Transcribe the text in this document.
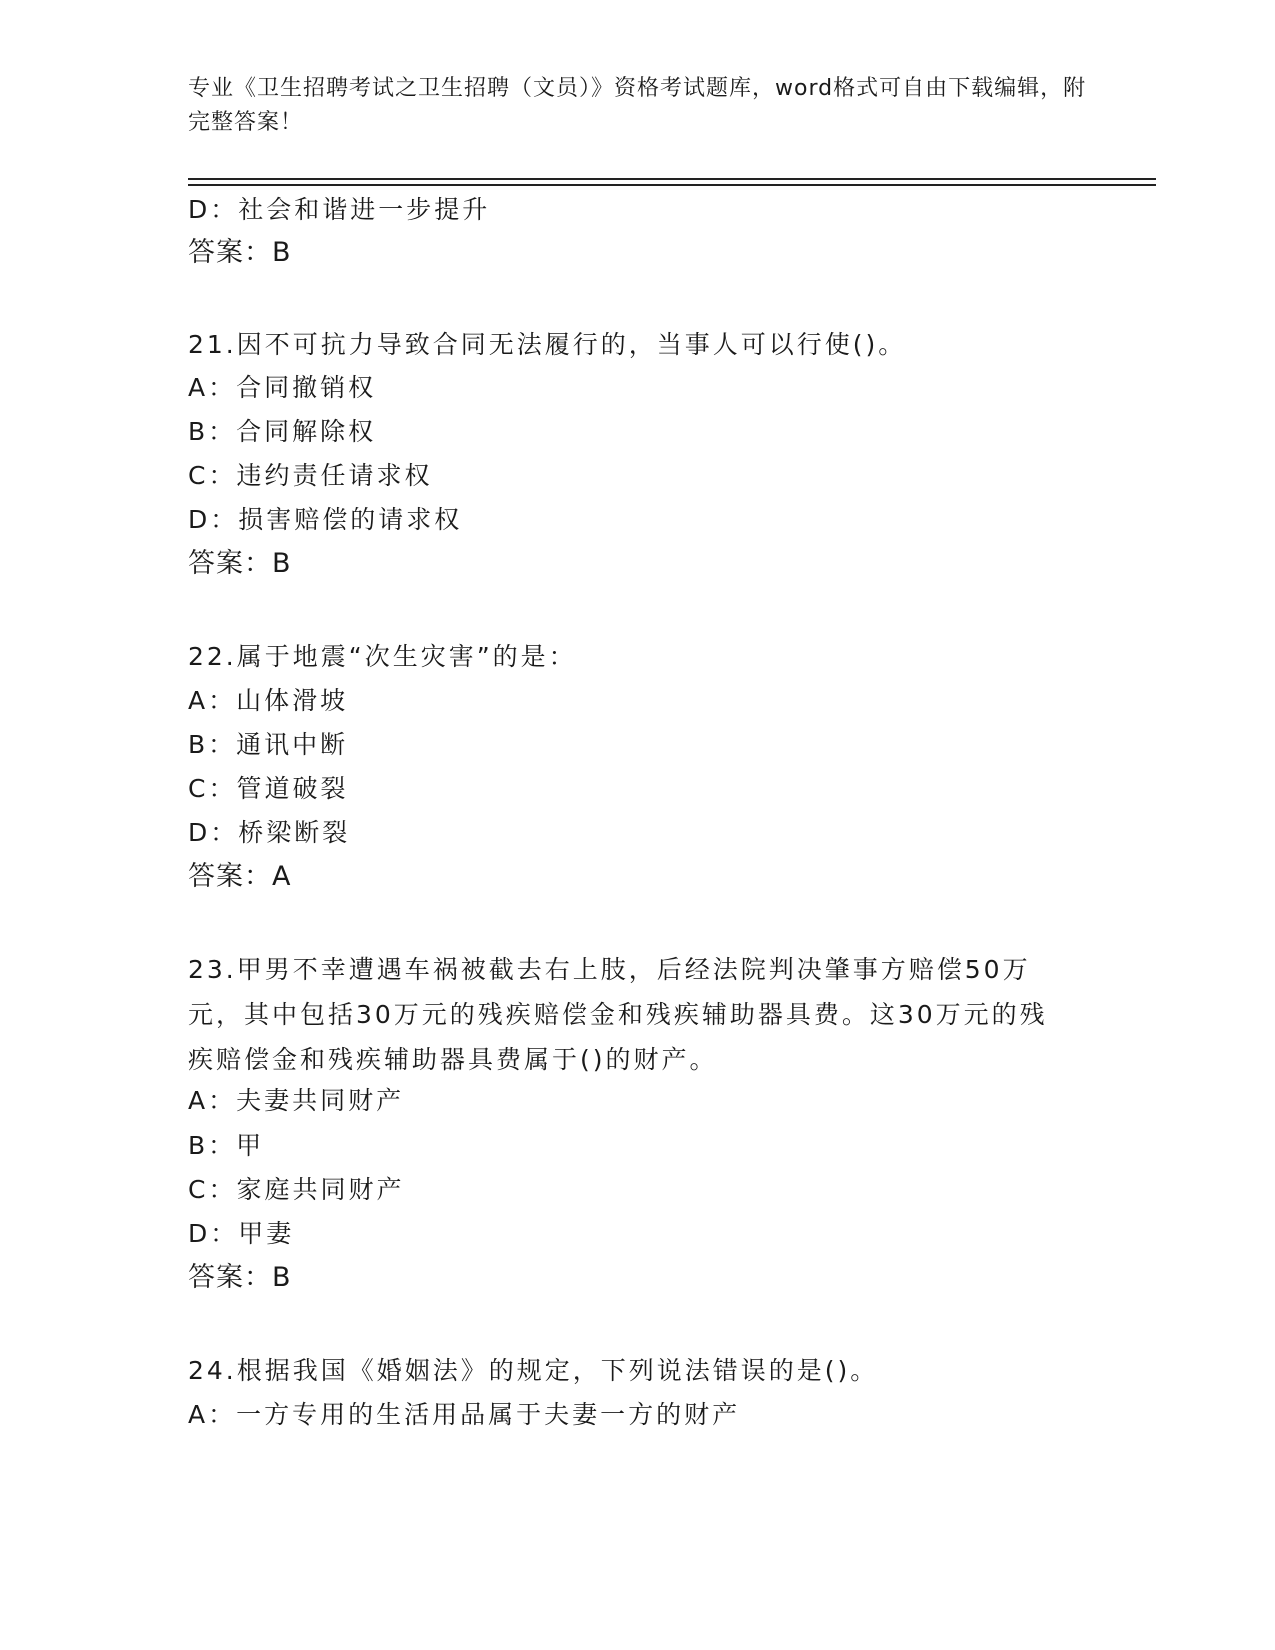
专业《卫生招聘考试之卫生招聘（文员）》资格考试题库，word格式可自由下载编辑，附完整答案！
D：社会和谐进一步提升
答案：B
21.因不可抗力导致合同无法履行的，当事人可以行使()。
A：合同撤销权
B：合同解除权
C：违约责任请求权
D：损害赔偿的请求权
答案：B
22.属于地震“次生灾害”的是：
A：山体滑坡
B：通讯中断
C：管道破裂
D：桥梁断裂
答案：A
23.甲男不幸遭遇车祸被截去右上肢，后经法院判决肇事方赔偿50万元，其中包括30万元的残疾赔偿金和残疾辅助器具费。这30万元的残疾赔偿金和残疾辅助器具费属于()的财产。
A：夫妻共同财产
B：甲
C：家庭共同财产
D：甲妻
答案：B
24.根据我国《婚姻法》的规定，下列说法错误的是()。
A：一方专用的生活用品属于夫妻一方的财产
